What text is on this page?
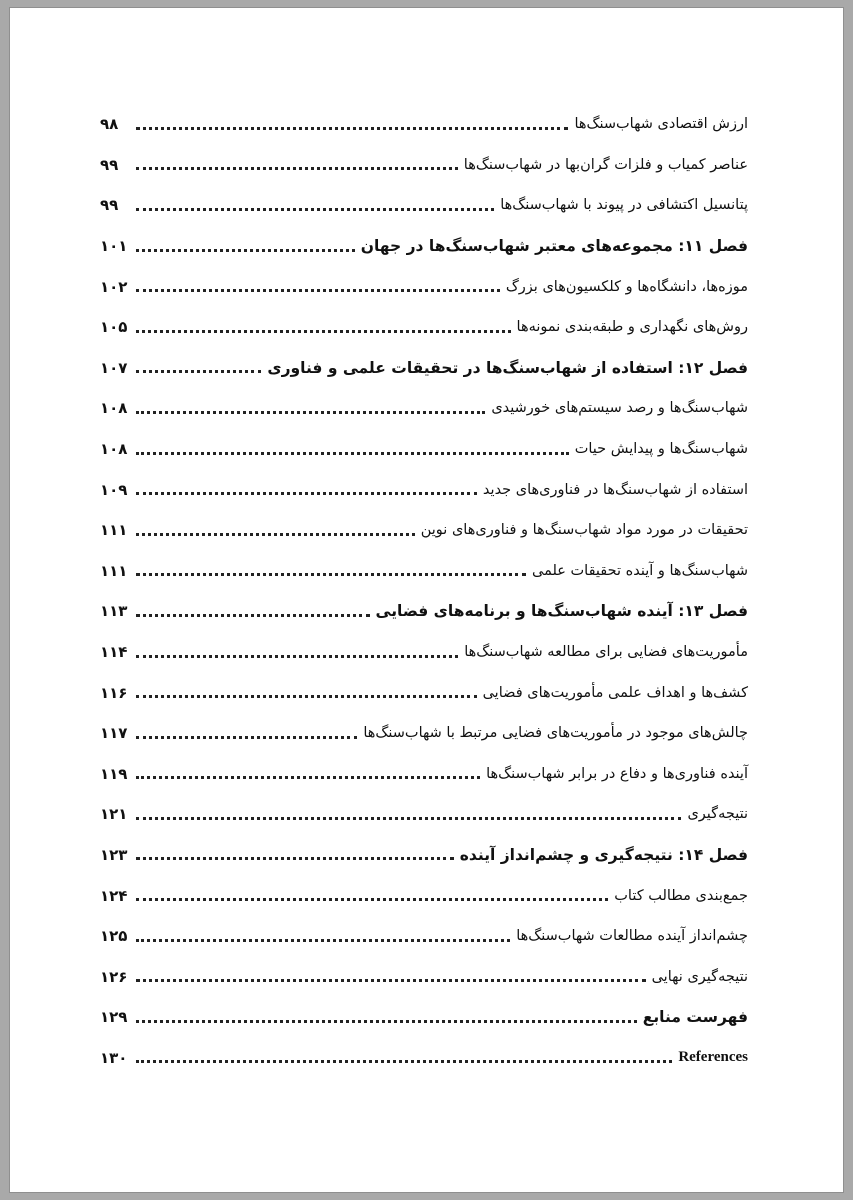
ارزش اقتصادی شهاب‌سنگ‌ها
۹۸
عناصر کمیاب و فلزات گران‌بها در شهاب‌سنگ‌ها
۹۹
پتانسیل اکتشافی در پیوند با شهاب‌سنگ‌ها
۹۹
فصل ۱۱: مجموعه‌های معتبر شهاب‌سنگ‌ها در جهان
۱۰۱
موزه‌ها، دانشگاه‌ها و کلکسیون‌های بزرگ
۱۰۲
روش‌های نگهداری و طبقه‌بندی نمونه‌ها
۱۰۵
فصل ۱۲: استفاده از شهاب‌سنگ‌ها در تحقیقات علمی و فناوری
۱۰۷
شهاب‌سنگ‌ها و رصد سیستم‌های خورشیدی
۱۰۸
شهاب‌سنگ‌ها و پیدایش حیات
۱۰۸
استفاده از شهاب‌سنگ‌ها در فناوری‌های جدید
۱۰۹
تحقیقات در مورد مواد شهاب‌سنگ‌ها و فناوری‌های نوین
۱۱۱
شهاب‌سنگ‌ها و آینده تحقیقات علمی
۱۱۱
فصل ۱۳: آینده شهاب‌سنگ‌ها و برنامه‌های فضایی
۱۱۳
مأموریت‌های فضایی برای مطالعه شهاب‌سنگ‌ها
۱۱۴
کشف‌ها و اهداف علمی مأموریت‌های فضایی
۱۱۶
چالش‌های موجود در مأموریت‌های فضایی مرتبط با شهاب‌سنگ‌ها
۱۱۷
آینده فناوری‌ها و دفاع در برابر شهاب‌سنگ‌ها
۱۱۹
نتیجه‌گیری
۱۲۱
فصل ۱۴: نتیجه‌گیری و چشم‌انداز آینده
۱۲۳
جمع‌بندی مطالب کتاب
۱۲۴
چشم‌انداز آینده مطالعات شهاب‌سنگ‌ها
۱۲۵
نتیجه‌گیری نهایی
۱۲۶
فهرست منابع
۱۲۹
References
۱۳۰
